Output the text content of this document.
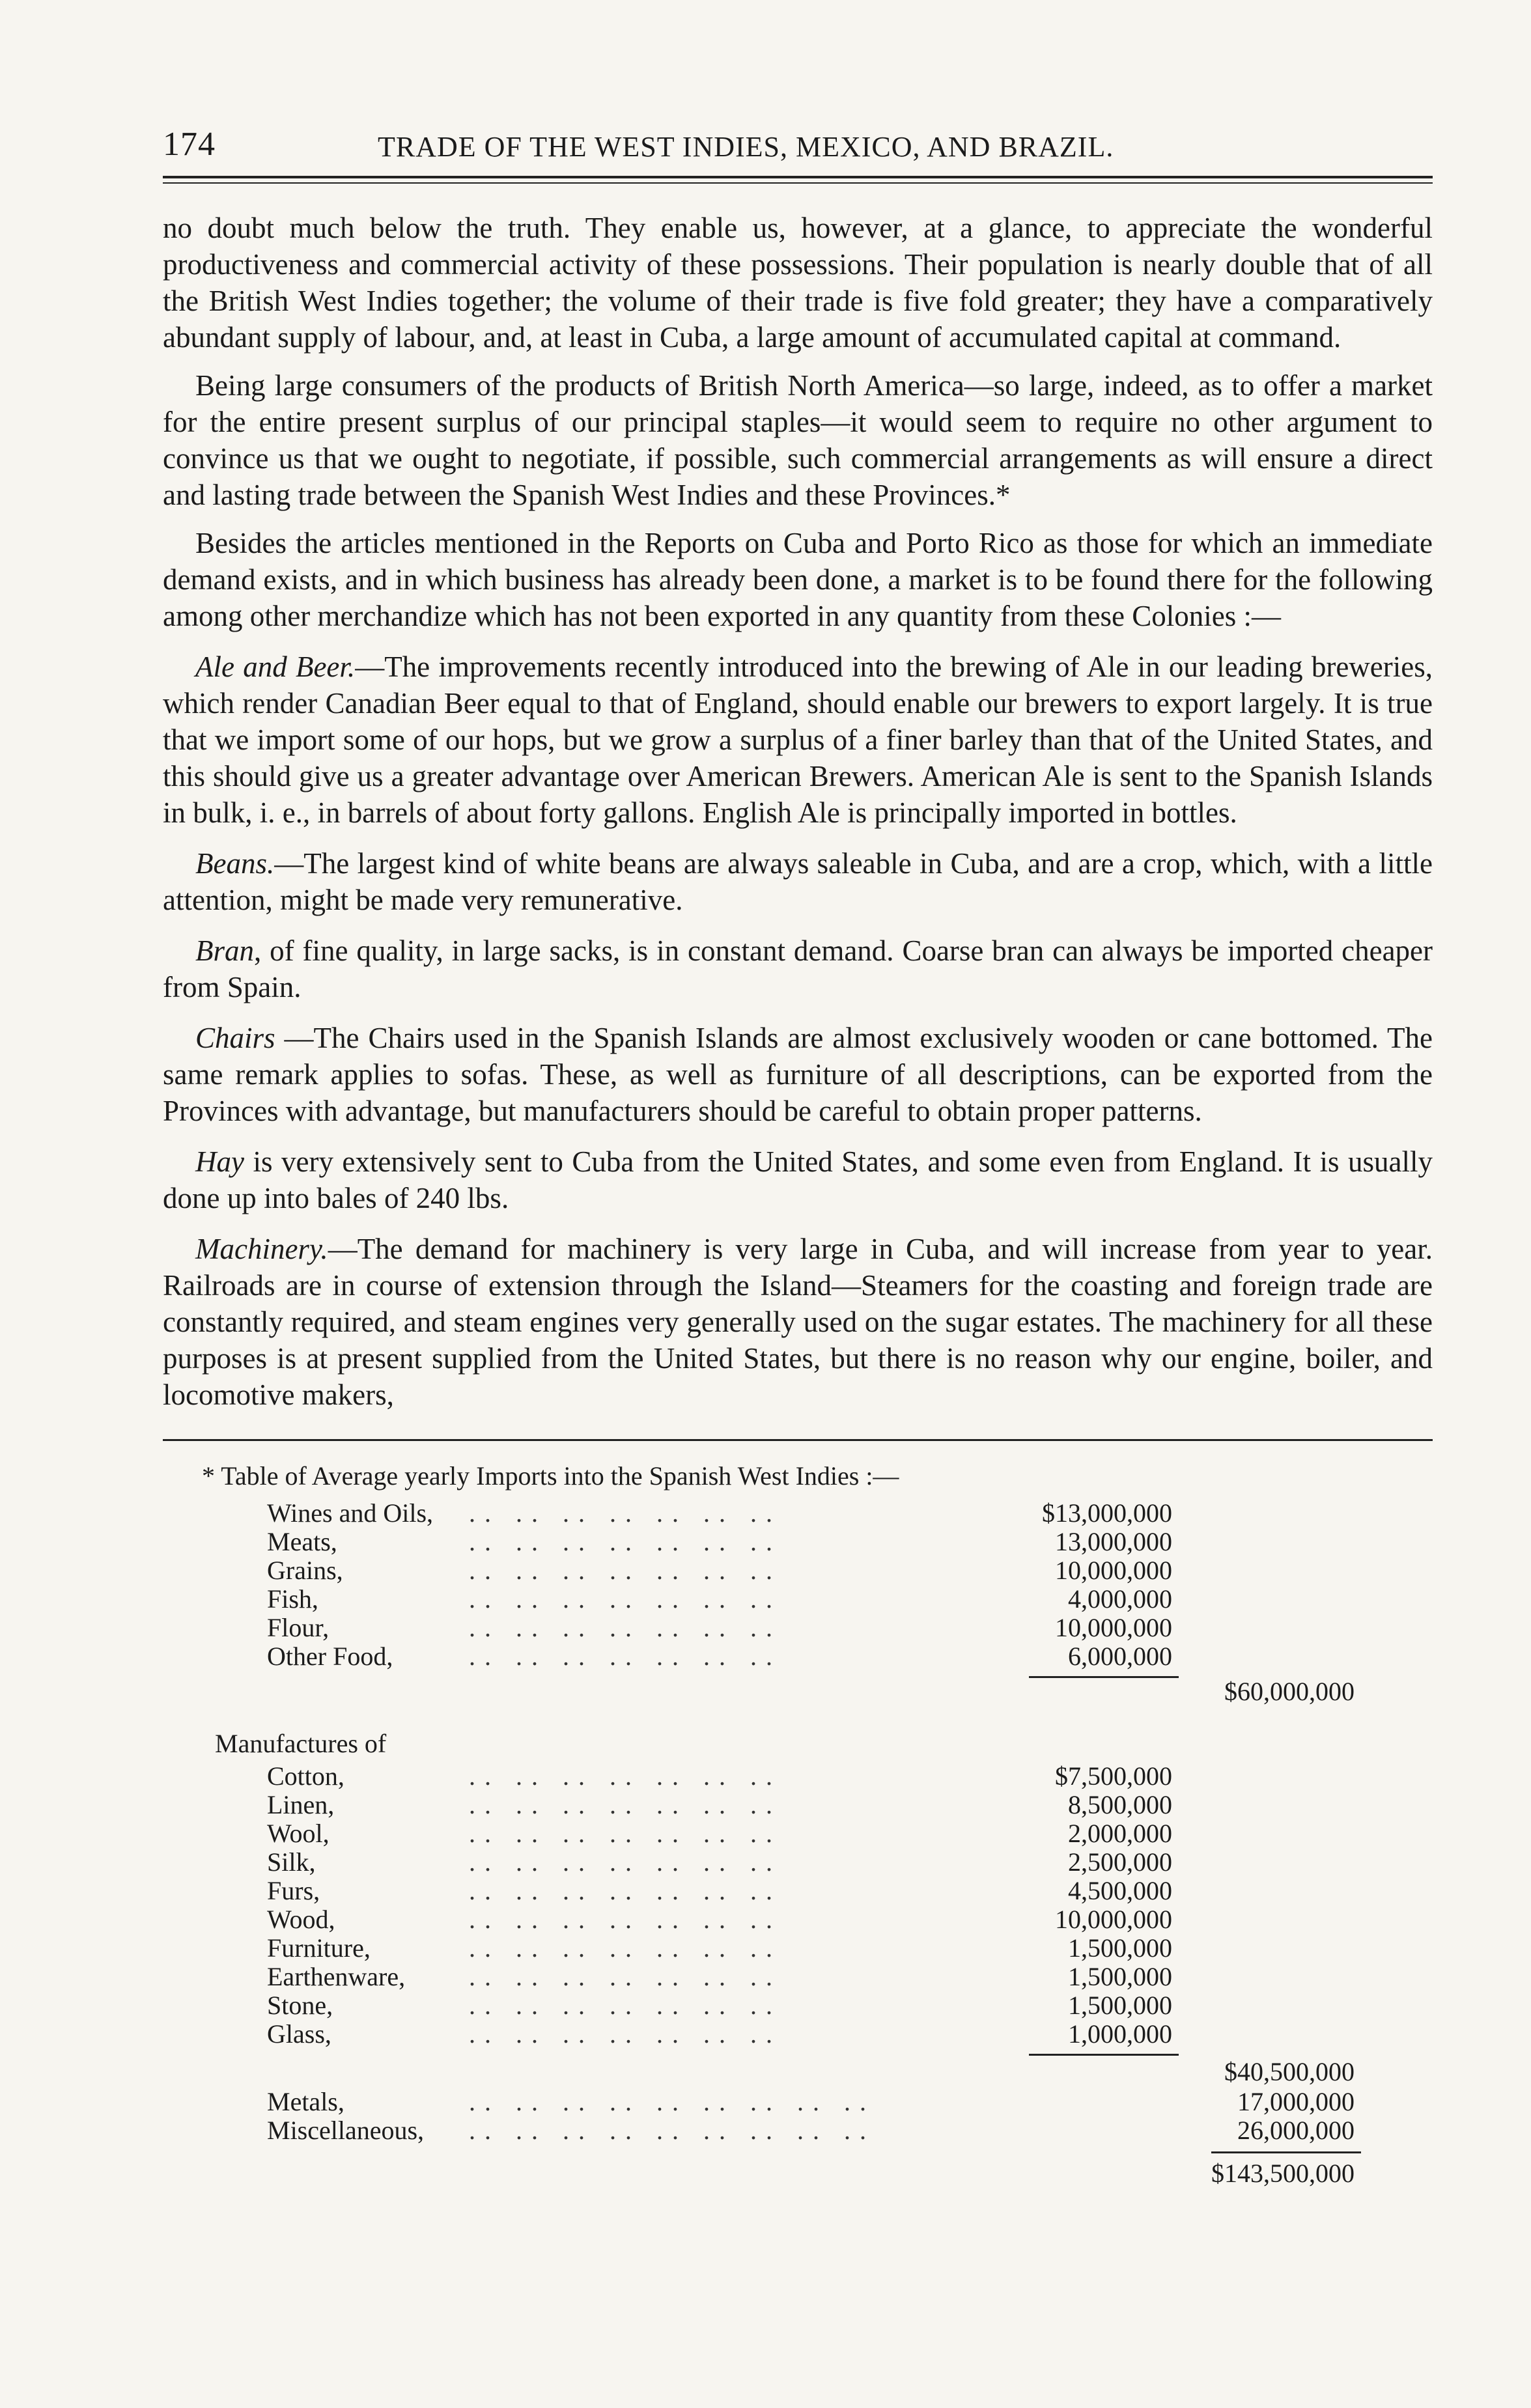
174	TRADE OF THE WEST INDIES, MEXICO, AND BRAZIL.

no doubt much below the truth. They enable us, however, at a glance, to appreciate the wonderful productiveness and commercial activity of these possessions. Their population is nearly double that of all the British West Indies together; the volume of their trade is five fold greater; they have a comparatively abundant supply of labour, and, at least in Cuba, a large amount of accumulated capital at command.

Being large consumers of the products of British North America—so large, indeed, as to offer a market for the entire present surplus of our principal staples—it would seem to require no other argument to convince us that we ought to negotiate, if possible, such commercial arrangements as will ensure a direct and lasting trade between the Spanish West Indies and these Provinces.*

Besides the articles mentioned in the Reports on Cuba and Porto Rico as those for which an immediate demand exists, and in which business has already been done, a market is to be found there for the following among other merchandize which has not been exported in any quantity from these Colonies :—

Ale and Beer.—The improvements recently introduced into the brewing of Ale in our leading breweries, which render Canadian Beer equal to that of England, should enable our brewers to export largely. It is true that we import some of our hops, but we grow a surplus of a finer barley than that of the United States, and this should give us a greater advantage over American Brewers. American Ale is sent to the Spanish Islands in bulk, i. e., in barrels of about forty gallons. English Ale is principally imported in bottles.

Beans.—The largest kind of white beans are always saleable in Cuba, and are a crop, which, with a little attention, might be made very remunerative.

Bran, of fine quality, in large sacks, is in constant demand. Coarse bran can always be imported cheaper from Spain.

Chairs —The Chairs used in the Spanish Islands are almost exclusively wooden or cane bottomed. The same remark applies to sofas. These, as well as furniture of all descriptions, can be exported from the Provinces with advantage, but manufacturers should be careful to obtain proper patterns.

Hay is very extensively sent to Cuba from the United States, and some even from England. It is usually done up into bales of 240 lbs.

Machinery.—The demand for machinery is very large in Cuba, and will increase from year to year. Railroads are in course of extension through the Island—Steamers for the coasting and foreign trade are constantly required, and steam engines very generally used on the sugar estates. The machinery for all these purposes is at present supplied from the United States, but there is no reason why our engine, boiler, and locomotive makers,

* Table of Average yearly Imports into the Spanish West Indies :—
Wines and Oils, .. .. .. .. .. .. ..	$13,000,000
Meats,	.. .. .. .. .. .. ..	13,000,000
Grains,	.. .. .. .. .. .. ..	10,000,000
Fish,	.. .. .. .. .. .. ..	4,000,000
Flour,	.. .. .. .. .. .. ..	10,000,000
Other Food,	.. .. .. .. .. .. ..	6,000,000
$60,000,000
Manufactures of
Cotton,	.. .. .. .. .. .. ..	$7,500,000
Linen,	.. .. .. .. .. .. ..	8,500,000
Wool,	.. .. .. .. .. .. ..	2,000,000
Silk,	.. .. .. .. .. .. ..	2,500,000
Furs,	.. .. .. .. .. .. ..	4,500,000
Wood,	.. .. .. .. .. .. ..	10,000,000
Furniture,	.. .. .. .. .. .. ..	1,500,000
Earthenware, .. .. .. .. .. .. ..	1,500,000
Stone,	.. .. .. .. .. .. ..	1,500,000
Glass,	.. .. .. .. .. .. ..	1,000,000
$40,500,000
Metals,	.. .. .. .. .. .. .. .. ..	17,000,000
Miscellaneous, .. .. .. .. .. .. .. .. ..	26,000,000
$143,500,000
